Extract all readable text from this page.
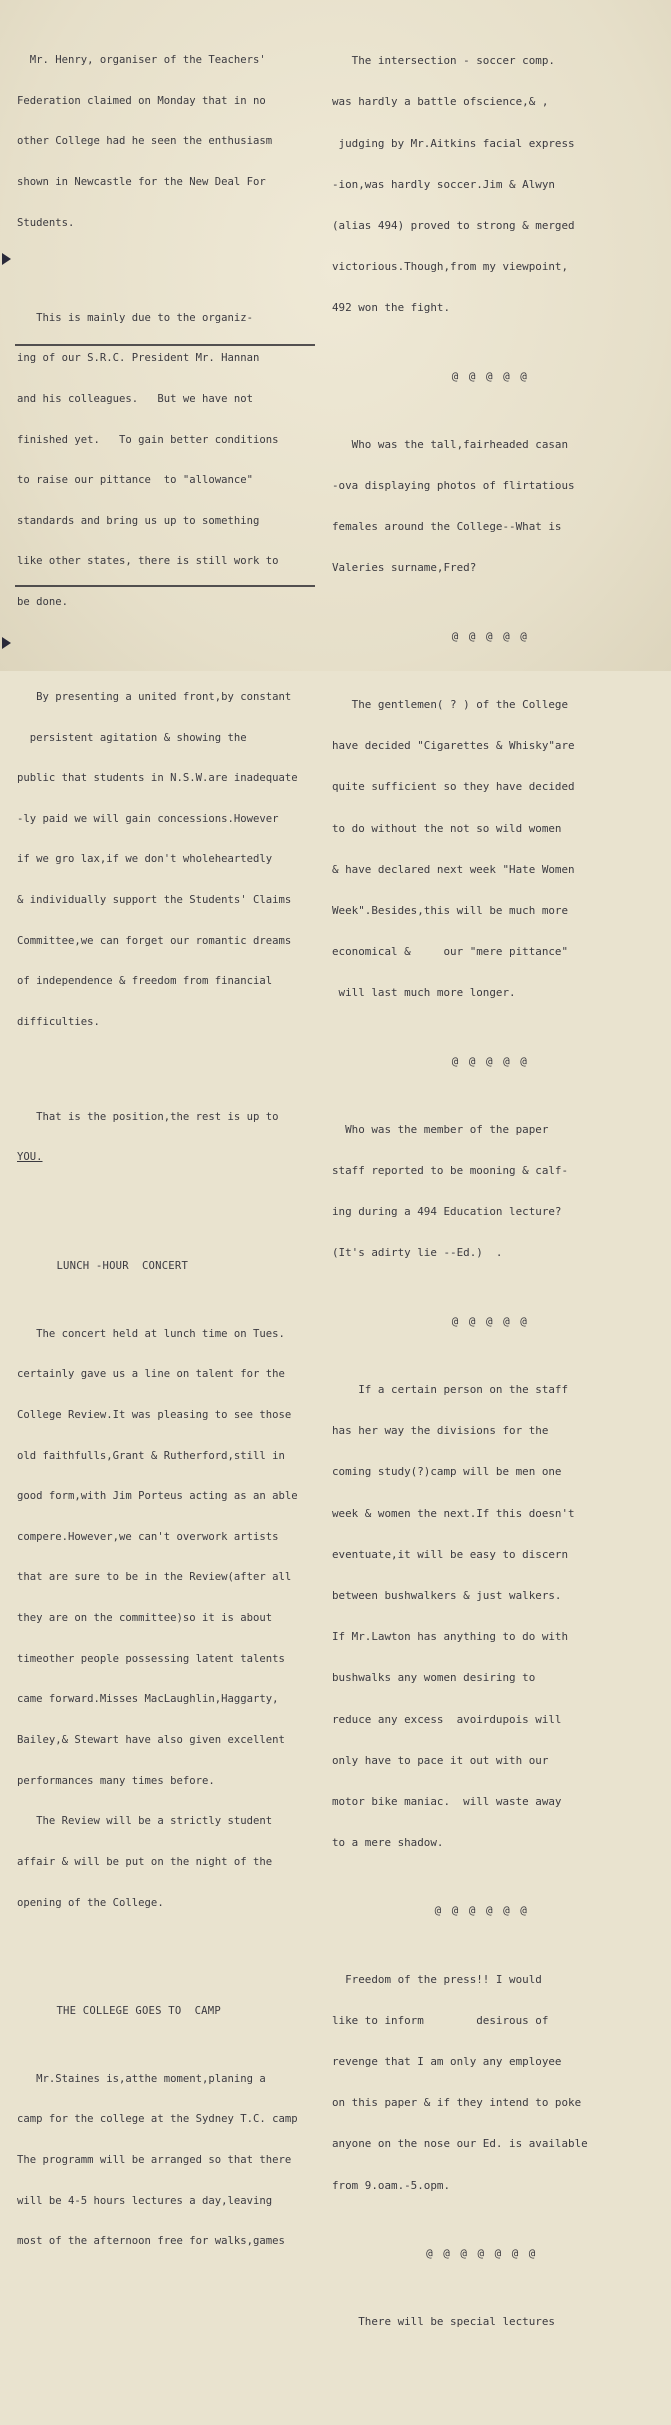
Mr. Henry, organiser of the Teachers'

Federation claimed on Monday that in no

other College had he seen the enthusiasm

shown in Newcastle for the New Deal For

Students.

This is mainly due to the organiz-

ing of our S.R.C. President Mr. Hannan

and his colleagues.   But we have not

finished yet.   To gain better conditions

to raise our pittance  to "allowance"

standards and bring us up to something

like other states, there is still work to

be done.

By presenting a united front,by constant

persistent agitation & showing the

public that students in N.S.W.are inadequate

-ly paid we will gain concessions.However

if we gro lax,if we don't wholeheartedly

& individually support the Students' Claims

Committee,we can forget our romantic dreams

of independence & freedom from financial

difficulties.

That is the position,the rest is up to

YOU.

LUNCH -HOUR  CONCERT

The concert held at lunch time on Tues.

certainly gave us a line on talent for the

College Review.It was pleasing to see those

old faithfulls,Grant & Rutherford,still in

good form,with Jim Porteus acting as an able

compere.However,we can't overwork artists

that are sure to be in the Review(after all

they are on the committee)so it is about

timeother people possessing latent talents

came forward.Misses MacLaughlin,Haggarty,

Bailey,& Stewart have also given excellent

performances many times before.

The Review will be a strictly student

affair & will be put on the night of the

opening of the College.

THE COLLEGE GOES TO  CAMP

Mr.Staines is,atthe moment,planing a

camp for the college at the Sydney T.C. camp

The programm will be arranged so that there

will be 4-5 hours lectures a day,leaving

most of the afternoon free for walks,games

The intersection - soccer comp.

was hardly a battle ofscience,& ,

judging by Mr.Aitkins facial express

-ion,was hardly soccer.Jim & Alwyn

(alias 494) proved to strong & merged

victorious.Though,from my viewpoint,

492 won the fight.

@ @ @ @ @

Who was the tall,fairheaded casan

-ova displaying photos of flirtatious

females around the College--What is

Valeries surname,Fred?

@ @ @ @ @

The gentlemen( ? ) of the College

have decided "Cigarettes & Whisky"are

quite sufficient so they have decided

to do without the not so wild women

& have declared next week "Hate Women

Week".Besides,this will be much more

economical &     our "mere pittance"

will last much more longer.

@ @ @ @ @

Who was the member of the paper

staff reported to be mooning & calf-

ing during a 494 Education lecture?

(It's adirty lie --Ed.)  .

@ @ @ @ @

If a certain person on the staff

has her way the divisions for the

coming study(?)camp will be men one

week & women the next.If this doesn't

eventuate,it will be easy to discern

between bushwalkers & just walkers.

If Mr.Lawton has anything to do with

bushwalks any women desiring to

reduce any excess  avoirdupois will

only have to pace it out with our

motor bike maniac.  will waste away

to a mere shadow.

@ @ @ @ @ @

Freedom of the press!! I would

like to inform        desirous of

revenge that I am only any employee

on this paper & if they intend to poke

anyone on the nose our Ed. is available

from 9.oam.-5.opm.

@ @ @ @ @ @ @

There will be special lectures
